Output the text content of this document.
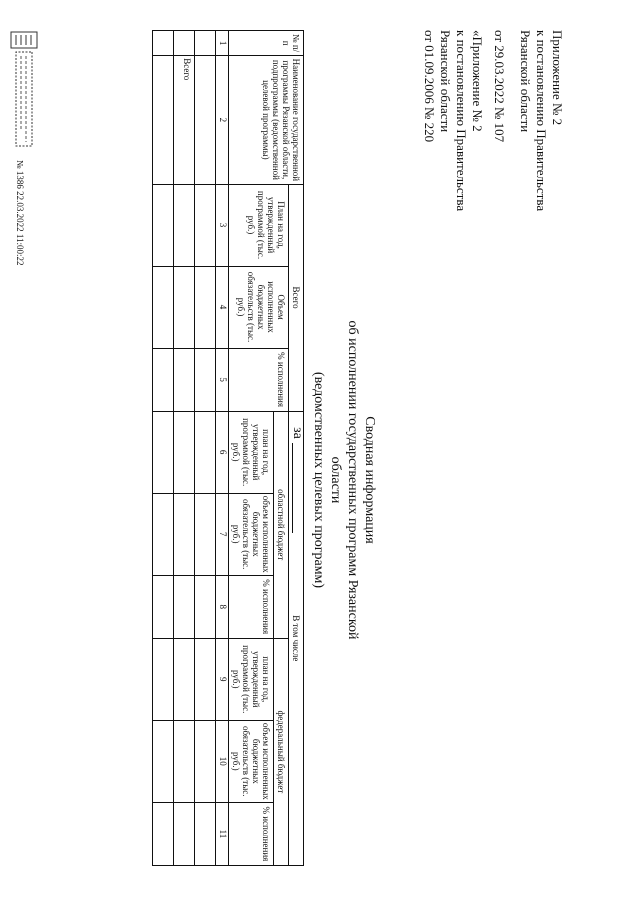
Приложение № 2
к постановлению Правительства
Рязанской области
от 29.03.2022 № 107
«Приложение № 2
к постановлению Правительства
Рязанской области
от 01.09.2006 № 220
Сводная информация
об исполнении государственных программ Рязанской области
(ведомственных целевых программ)
за
№ п/п	Наименование государственной программы Рязанской области, подпрограммы (ведомственной целевой программы)	Всего			В том числе					
		План на год, утвержденный программой (тыс. руб.)	Объем исполненных бюджетных обязательств (тыс. руб.)	% исполнения	областной бюджет			федеральный бюджет		
					план на год, утвержденный программой (тыс. руб.)	объем исполненных бюджетных обязательств (тыс. руб.)	% исполнения	план на год, утвержденный программой (тыс. руб.)	объем исполненных бюджетных обязательств (тыс. руб.)	% исполнения
1	2	3	4	5	6	7	8	9	10	11

	Всего									

№ 1386 22.03.2022 11:00:22
